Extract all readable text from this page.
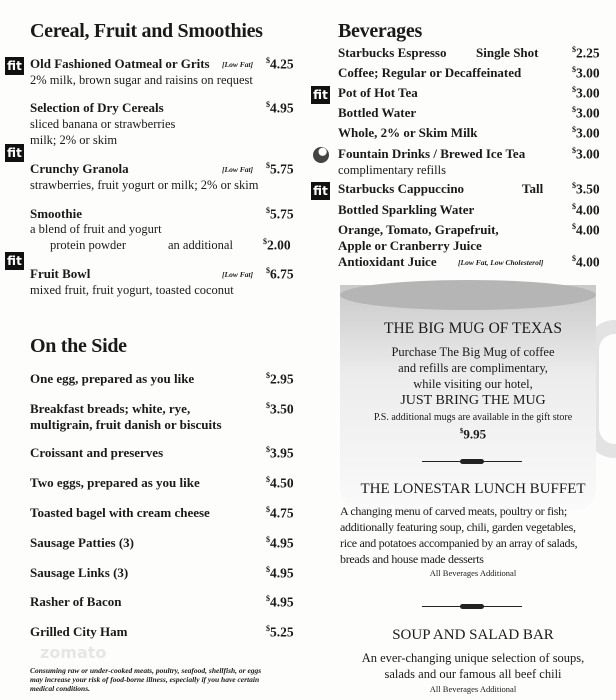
zomato
Cereal, Fruit and Smoothies
fit Old Fashioned Oatmeal or Grits [Low Fat] $4.25
2% milk, brown sugar and raisins on request
Selection of Dry Cereals	$4.95
sliced banana or strawberries
milk; 2% or skim
fit
Crunchy Granola	[Low Fat] $5.75
strawberries, fruit yogurt or milk; 2% or skim
Smoothie	$5.75
a blend of fruit and yogurt
protein powder	an additional	$2.00
fit
Fruit Bowl	[Low Fat] $6.75
mixed fruit, fruit yogurt, toasted coconut
On the Side
One egg, prepared as you like	$2.95
Breakfast breads; white, rye,
multigrain, fruit danish or biscuits
$3.50
Croissant and preserves	$3.95
Two eggs, prepared as you like	$4.50
Toasted bagel with cream cheese	$4.75
Sausage Patties (3)	$4.95
Sausage Links (3)	$4.95
Rasher of Bacon	$4.95
Grilled City Ham	$5.25
Consuming raw or under-cooked meats, poultry, seafood, shellfish, or eggs
may increase your risk of food-borne illness, especially if you have certain
medical conditions.
Beverages
Starbucks Espresso Single Shot	$2.25
Coffee; Regular or Decaffeinated	$3.00
Pot of Hot Tea	$3.00
Bottled Water	$3.00
Whole, 2% or Skim Milk	$3.00
Fountain Drinks / Brewed Ice Tea
complimentary refills
$3.00
Starbucks Cappuccino	Tall	$3.50
Bottled Sparkling Water	$4.00
Orange, Tomato, Grapefruit,
Apple or Cranberry Juice
$4.00
Antioxidant Juice	[Low Fat, Low Cholesterol]	$4.00
fit
fit
THE BIG MUG OF TEXAS
Purchase The Big Mug of coffee
and refills are complimentary,
while visiting our hotel,
JUST BRING THE MUG
P.S. additional mugs are available in the gift store
$9.95
THE LONESTAR LUNCH BUFFET
A changing menu of carved meats, poultry or fish;
additionally featuring soup, chili, garden vegetables,
rice and potatoes accompanied by an array of salads,
breads and house made desserts
All Beverages Additional
SOUP AND SALAD BAR
An ever-changing unique selection of soups,
salads and our famous all beef chili
All Beverages Additional
